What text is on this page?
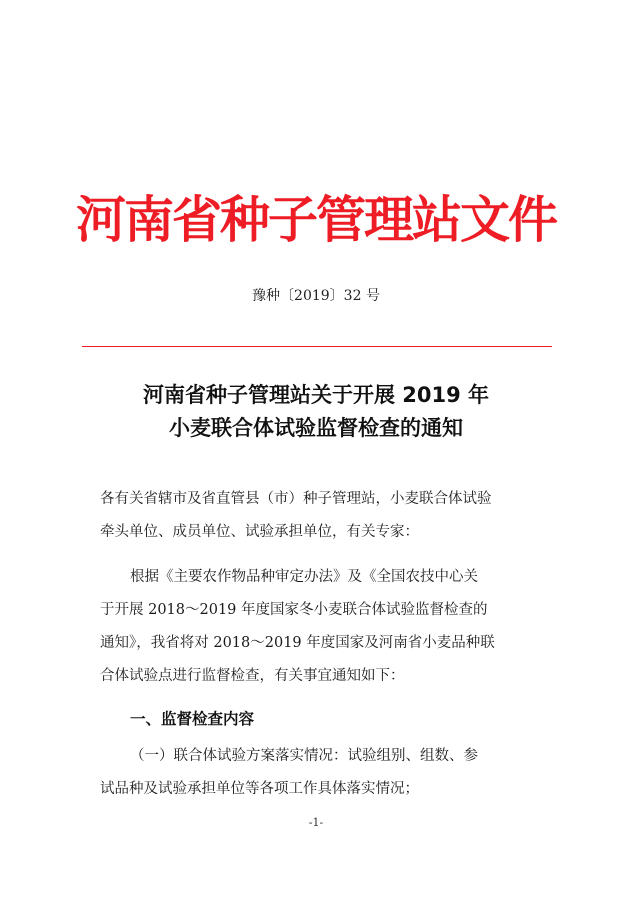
河南省种子管理站文件
豫种〔2019〕32 号
河南省种子管理站关于开展 2019 年
小麦联合体试验监督检查的通知
各有关省辖市及省直管县（市）种子管理站，小麦联合体试验
牵头单位、成员单位、试验承担单位，有关专家：
根据《主要农作物品种审定办法》及《全国农技中心关
于开展 2018～2019 年度国家冬小麦联合体试验监督检查的
通知》，我省将对 2018～2019 年度国家及河南省小麦品种联
合体试验点进行监督检查，有关事宜通知如下：
一、监督检查内容
（一）联合体试验方案落实情况：试验组别、组数、参
试品种及试验承担单位等各项工作具体落实情况；
-1-
